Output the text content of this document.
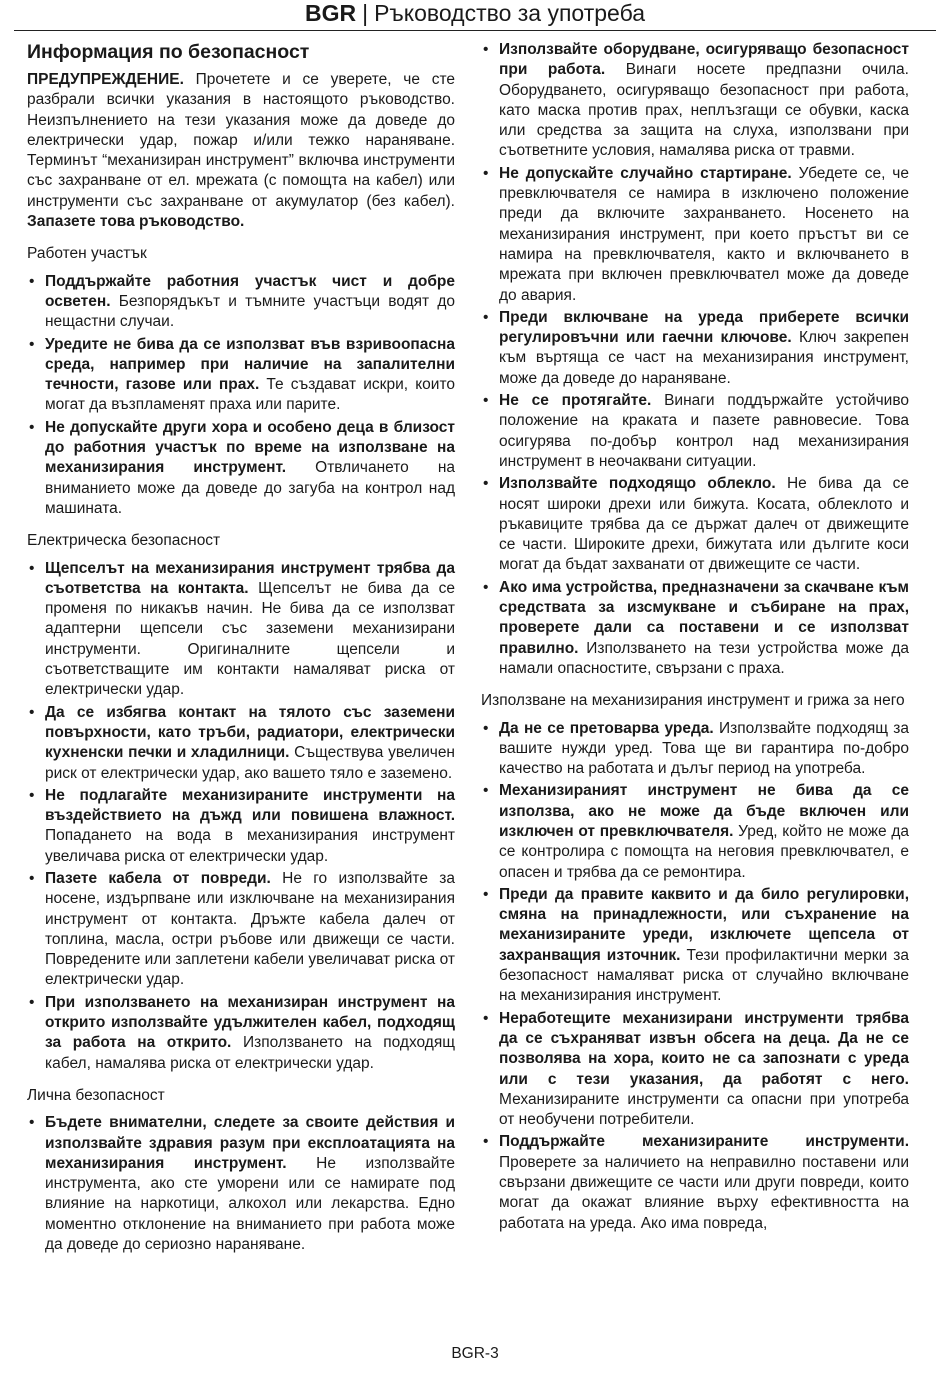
BGR | Ръководство за употреба
Информация по безопасност

ПРЕДУПРЕЖДЕНИЕ. Прочетете и се уверете, че сте разбрали всички указания в настоящото ръководство. Неизпълнението на тези указания може да доведе до електрически удар, пожар и/или тежко нараняване. Терминът “механизиран инструмент” включва инструменти със захранване от ел. мрежата (с помощта на кабел) или инструменти със захранване от акумулатор (без кабел). Запазете това ръководство.

Работен участък
• Поддържайте работния участък чист и добре осветен. Безпорядъкът и тъмните участъци водят до нещастни случаи.
• Уредите не бива да се използват във взривоопасна среда, например при наличие на запалителни течности, газове или прах. Те създават искри, които могат да възпламенят праха или парите.
• Не допускайте други хора и особено деца в близост до работния участък по време на използване на механизирания инструмент. Отвличането на вниманието може да доведе до загуба на контрол над машината.
Електрическа безопасност
• Щепселът на механизирания инструмент трябва да съответства на контакта. Щепселът не бива да се променя по никакъв начин. Не бива да се използват адаптерни щепсели със заземени механизирани инструменти. Оригиналните щепсели и съответстващите им контакти намаляват риска от електрически удар.
• Да се избягва контакт на тялото със заземени повърхности, като тръби, радиатори, електрически кухненски печки и хладилници. Съществува увеличен риск от електрически удар, ако вашето тяло е заземено.
• Не подлагайте механизираните инструменти на въздействието на дъжд или повишена влажност. Попадането на вода в механизирания инструмент увеличава риска от електрически удар.
• Пазете кабела от повреди. Не го използвайте за носене, издърпване или изключване на механизирания инструмент от контакта. Дръжте кабела далеч от топлина, масла, остри ръбове или движещи се части. Повредените или заплетени кабели увеличават риска от електрически удар.
• При използването на механизиран инструмент на открито използвайте удължителен кабел, подходящ за работа на открито. Използването на подходящ кабел, намалява риска от електрически удар.
Лична безопасност
• Бъдете внимателни, следете за своите действия и използвайте здравия разум при експлоатацията на механизирания инструмент. Не използвайте инструмента, ако сте уморени или се намирате под влияние на наркотици, алкохол или лекарства. Едно моментно отклонение на вниманието при работа може да доведе до сериозно нараняване.
• Използвайте оборудване, осигуряващо безопасност при работа. Винаги носете предпазни очила. Оборудването, осигуряващо безопасност при работа, като маска против прах, неплъзгащи се обувки, каска или средства за защита на слуха, използвани при съответните условия, намалява риска от травми.
• Не допускайте случайно стартиране. Убедете се, че превключвателя се намира в изключено положение преди да включите захранването. Носенето на механизирания инструмент, при което пръстът ви се намира на превключвателя, както и включването в мрежата при включен превключвател може да доведе до авария.
• Преди включване на уреда приберете всички регулировъчни или гаечни ключове. Ключ закрепен към въртяща се част на механизирания инструмент, може да доведе до нараняване.
• Не се протягайте. Винаги поддържайте устойчиво положение на краката и пазете равновесие. Това осигурява по-добър контрол над механизирания инструмент в неочаквани ситуации.
• Използвайте подходящо облекло. Не бива да се носят широки дрехи или бижута. Косата, облеклото и ръкавиците трябва да се държат далеч от движещите се части. Широките дрехи, бижутата или дългите коси могат да бъдат захванати от движещите се части.
• Ако има устройства, предназначени за скачване към средствата за изсмукване и събиране на прах, проверете дали са поставени и се използват правилно. Използването на тези устройства може да намали опасностите, свързани с праха.
Използване на механизирания инструмент и грижа за него
• Да не се претоварва уреда. Използвайте подходящ за вашите нужди уред. Това ще ви гарантира по-добро качество на работата и дълъг период на употреба.
• Механизираният инструмент не бива да се използва, ако не може да бъде включен или изключен от превключвателя. Уред, който не може да се контролира с помощта на неговия превключвател, е опасен и трябва да се ремонтира.
• Преди да правите каквито и да било регулировки, смяна на принадлежности, или съхранение на механизираните уреди, изключете щепсела от захранващия източник. Тези профилактични мерки за безопасност намаляват риска от случайно включване на механизирания инструмент.
• Неработещите механизирани инструменти трябва да се съхраняват извън обсега на деца. Да не се позволява на хора, които не са запознати с уреда или с тези указания, да работят с него. Механизираните инструменти са опасни при употреба от необучени потребители.
• Поддържайте механизираните инструменти. Проверете за наличието на неправилно поставени или свързани движещите се части или други повреди, които могат да окажат влияние върху ефективността на работата на уреда. Ако има повреда,
BGR-3
